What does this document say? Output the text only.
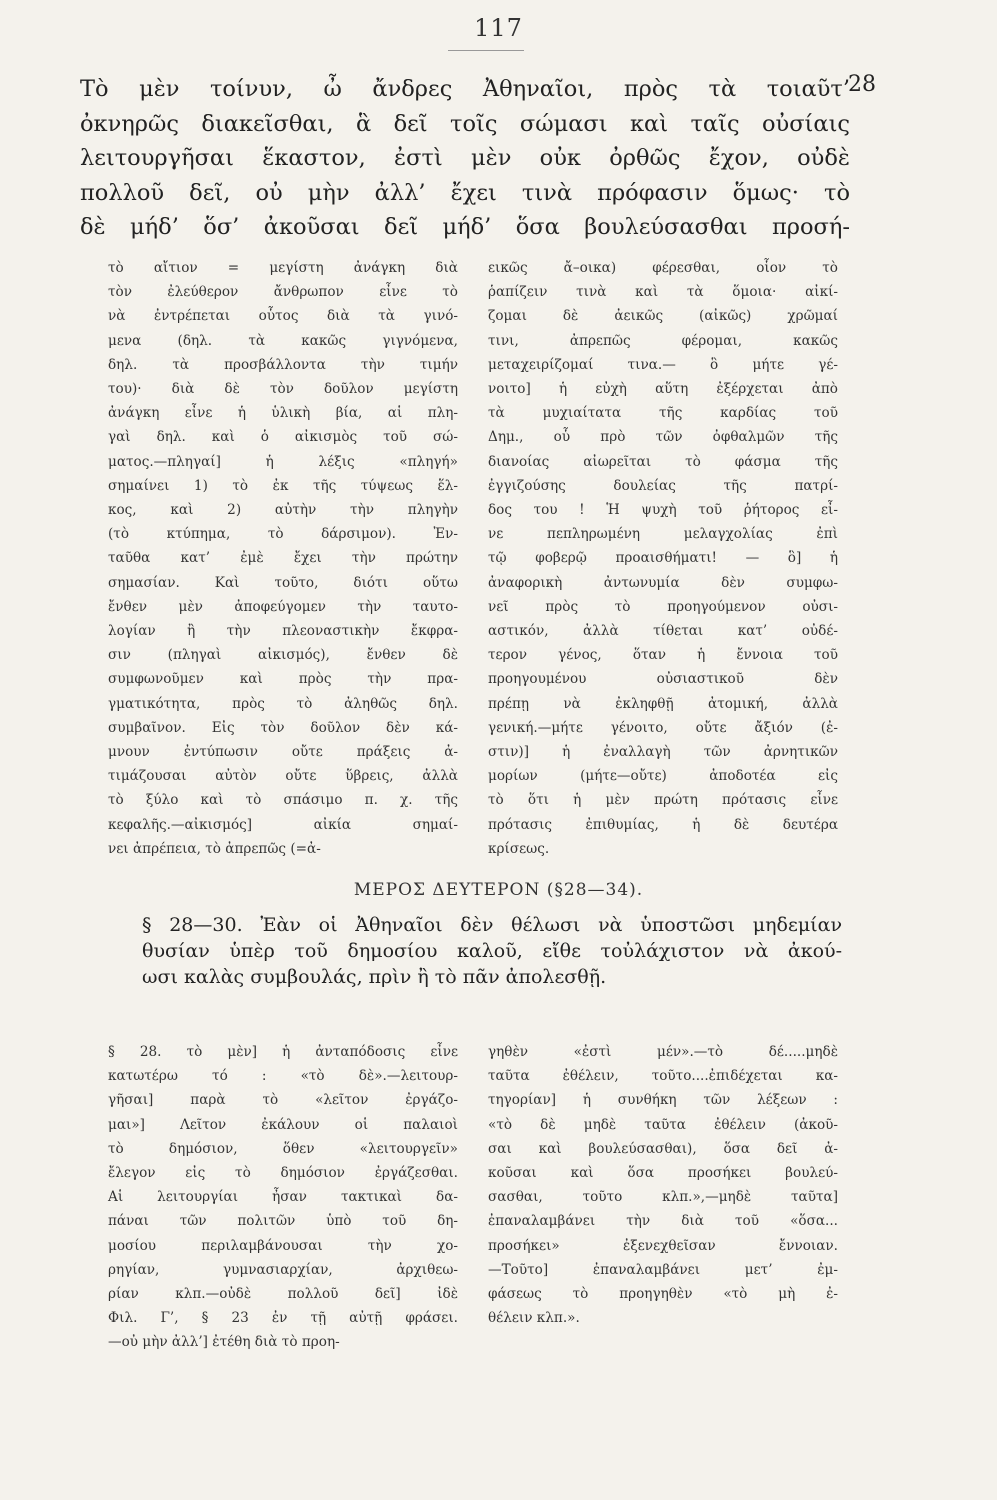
117
Τὸ μὲν τοίνυν, ὦ ἄνδρες Ἀθηναῖοι, πρὸς τὰ τοιαῦτ’
ὀκνηρῶς διακεῖσθαι, ἃ δεῖ τοῖς σώμασι καὶ ταῖς οὐσίαις
λειτουργῆσαι ἕκαστον, ἐστὶ μὲν οὐκ ὀρθῶς ἔχον, οὐδὲ
πολλοῦ δεῖ, οὐ μὴν ἀλλ’ ἔχει τινὰ πρόφασιν ὅμως· τὸ
δὲ μήδ’ ὅσ’ ἀκοῦσαι δεῖ μήδ’ ὅσα βουλεύσασθαι προσή-
28
τὸ αἴτιον = μεγίστη ἀνάγκη διὰ
τὸν ἐλεύθερον ἄνθρωπον εἶνε τὸ
νὰ ἐντρέπεται οὗτος διὰ τὰ γινό-
μενα (δηλ. τὰ κακῶς γιγνόμενα,
δηλ. τὰ προσβάλλοντα τὴν τιμήν
του)· διὰ δὲ τὸν δοῦλον μεγίστη
ἀνάγκη εἶνε ἡ ὑλικὴ βία, αἱ πλη-
γαὶ δηλ. καὶ ὁ αἰκισμὸς τοῦ σώ-
ματος.—πληγαί] ἡ λέξις «πληγή»
σημαίνει 1) τὸ ἐκ τῆς τύψεως ἕλ-
κος, καὶ 2) αὐτὴν τὴν πληγὴν
(τὸ κτύπημα, τὸ δάρσιμον). Ἐν-
ταῦθα κατ’ ἐμὲ ἔχει τὴν πρώτην
σημασίαν. Καὶ τοῦτο, διότι οὕτω
ἔνθεν μὲν ἀποφεύγομεν τὴν ταυτο-
λογίαν ἢ τὴν πλεοναστικὴν ἔκφρα-
σιν (πληγαὶ αἰκισμός), ἔνθεν δὲ
συμφωνοῦμεν καὶ πρὸς τὴν πρα-
γματικότητα, πρὸς τὸ ἀληθῶς δηλ.
συμβαῖνον. Εἰς τὸν δοῦλον δὲν κά-
μνουν ἐντύπωσιν οὔτε πράξεις ἀ-
τιμάζουσαι αὐτὸν οὔτε ὕβρεις, ἀλλὰ
τὸ ξύλο καὶ τὸ σπάσιμο π. χ. τῆς
κεφαλῆς.—αἰκισμός] αἰκία σημαί-
νει ἀπρέπεια, τὸ ἀπρεπῶς (=ἀ-
εικῶς ἄ–οικα) φέρεσθαι, οἷον τὸ
ῥαπίζειν τινὰ καὶ τὰ ὅμοια· αἰκί-
ζομαι δὲ ἀεικῶς (αἰκῶς) χρῶμαί
τινι, ἀπρεπῶς φέρομαι, κακῶς
μεταχειρίζομαί τινα.— ὃ μήτε γέ-
νοιτο] ἡ εὐχὴ αὕτη ἐξέρχεται ἀπὸ
τὰ μυχιαίτατα τῆς καρδίας τοῦ
Δημ., οὗ πρὸ τῶν ὀφθαλμῶν τῆς
διανοίας αἰωρεῖται τὸ φάσμα τῆς
ἐγγιζούσης δουλείας τῆς πατρί-
δος του ! Ἡ ψυχὴ τοῦ ῥήτορος εἶ-
νε πεπληρωμένη μελαγχολίας ἐπὶ
τῷ φοβερῷ προαισθήματι! — ὃ] ἡ
ἀναφορικὴ ἀντωνυμία δὲν συμφω-
νεῖ πρὸς τὸ προηγούμενον οὐσι-
αστικόν, ἀλλὰ τίθεται κατ’ οὐδέ-
τερον γένος, ὅταν ἡ ἔννοια τοῦ
προηγουμένου οὐσιαστικοῦ δὲν
πρέπῃ νὰ ἐκληφθῇ ἀτομική, ἀλλὰ
γενική.—μήτε γένοιτο, οὔτε ἄξιόν (ἐ-
στιν)] ἡ ἐναλλαγὴ τῶν ἀρνητικῶν
μορίων (μήτε—οὔτε) ἀποδοτέα εἰς
τὸ ὅτι ἡ μὲν πρώτη πρότασις εἶνε
πρότασις ἐπιθυμίας, ἡ δὲ δευτέρα
κρίσεως.
ΜΕΡΟΣ ΔΕΥΤΕΡΟΝ (§28—34).
§ 28—30. Ἐὰν οἱ Ἀθηναῖοι δὲν θέλωσι νὰ ὑποστῶσι μηδεμίαν
θυσίαν ὑπὲρ τοῦ δημοσίου καλοῦ, εἴθε τοὐλάχιστον νὰ ἀκού-
ωσι καλὰς συμβουλάς, πρὶν ἢ τὸ πᾶν ἀπολεσθῇ.
§ 28. τὸ μὲν] ἡ ἀνταπόδοσις εἶνε
κατωτέρω τό : «τὸ δὲ».—λειτουρ-
γῆσαι] παρὰ τὸ «λεῖτον ἐργάζο-
μαι»] Λεῖτον ἐκάλουν οἱ παλαιοὶ
τὸ δημόσιον, ὅθεν «λειτουργεῖν»
ἔλεγον εἰς τὸ δημόσιον ἐργάζεσθαι.
Αἱ λειτουργίαι ἦσαν τακτικαὶ δα-
πάναι τῶν πολιτῶν ὑπὸ τοῦ δη-
μοσίου περιλαμβάνουσαι τὴν χο-
ρηγίαν, γυμνασιαρχίαν, ἀρχιθεω-
ρίαν κλπ.—οὐδὲ πολλοῦ δεῖ] ἰδὲ
Φιλ. Γ’, § 23 ἐν τῇ αὐτῇ φράσει.
—οὐ μὴν ἀλλ’] ἐτέθη διὰ τὸ προη-
γηθὲν «ἐστὶ μέν».—τὸ δέ.....μηδὲ
ταῦτα ἐθέλειν, τοῦτο....ἐπιδέχεται κα-
τηγορίαν] ἡ συνθήκη τῶν λέξεων :
«τὸ δὲ μηδὲ ταῦτα ἐθέλειν (ἀκοῦ-
σαι καὶ βουλεύσασθαι), ὅσα δεῖ ἀ-
κοῦσαι καὶ ὅσα προσήκει βουλεύ-
σασθαι, τοῦτο κλπ.»,—μηδὲ ταῦτα]
ἐπαναλαμβάνει τὴν διὰ τοῦ «ὅσα...
προσήκει» ἐξενεχθεῖσαν ἔννοιαν.
—Τοῦτο] ἐπαναλαμβάνει μετ’ ἐμ-
φάσεως τὸ προηγηθὲν «τὸ μὴ ἐ-
θέλειν κλπ.».
